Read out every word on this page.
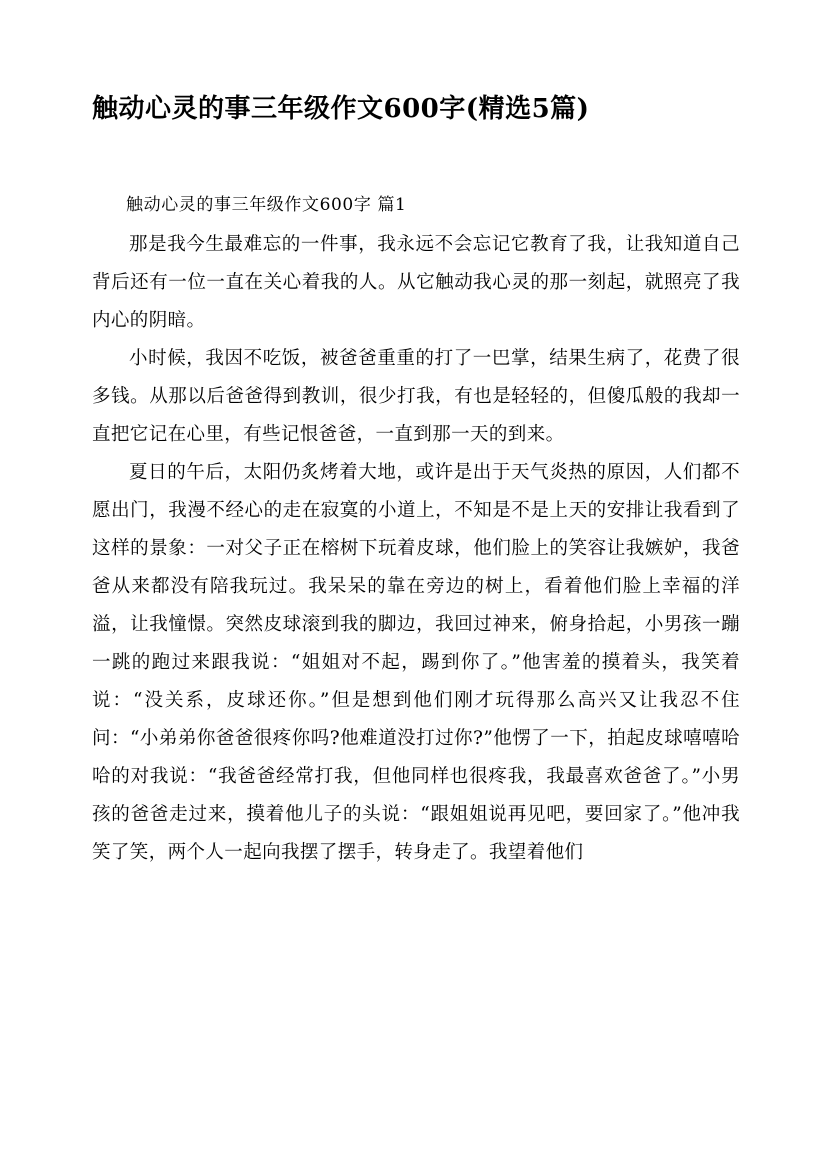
触动心灵的事三年级作文600字(精选5篇)
触动心灵的事三年级作文600字 篇1

那是我今生最难忘的一件事，我永远不会忘记它教育了我，让我知道自己背后还有一位一直在关心着我的人。从它触动我心灵的那一刻起，就照亮了我内心的阴暗。

小时候，我因不吃饭，被爸爸重重的打了一巴掌，结果生病了，花费了很多钱。从那以后爸爸得到教训，很少打我，有也是轻轻的，但傻瓜般的我却一直把它记在心里，有些记恨爸爸，一直到那一天的到来。

夏日的午后，太阳仍炙烤着大地，或许是出于天气炎热的原因，人们都不愿出门，我漫不经心的走在寂寞的小道上，不知是不是上天的安排让我看到了这样的景象：一对父子正在榕树下玩着皮球，他们脸上的笑容让我嫉妒，我爸爸从来都没有陪我玩过。我呆呆的靠在旁边的树上，看着他们脸上幸福的洋溢，让我憧憬。突然皮球滚到我的脚边，我回过神来，俯身拾起，小男孩一蹦一跳的跑过来跟我说：“姐姐对不起，踢到你了。”他害羞的摸着头，我笑着说：“没关系，皮球还你。”但是想到他们刚才玩得那么高兴又让我忍不住问：“小弟弟你爸爸很疼你吗?他难道没打过你?”他愣了一下，拍起皮球嘻嘻哈哈的对我说：“我爸爸经常打我，但他同样也很疼我，我最喜欢爸爸了。”小男孩的爸爸走过来，摸着他儿子的头说：“跟姐姐说再见吧，要回家了。”他冲我笑了笑，两个人一起向我摆了摆手，转身走了。我望着他们
